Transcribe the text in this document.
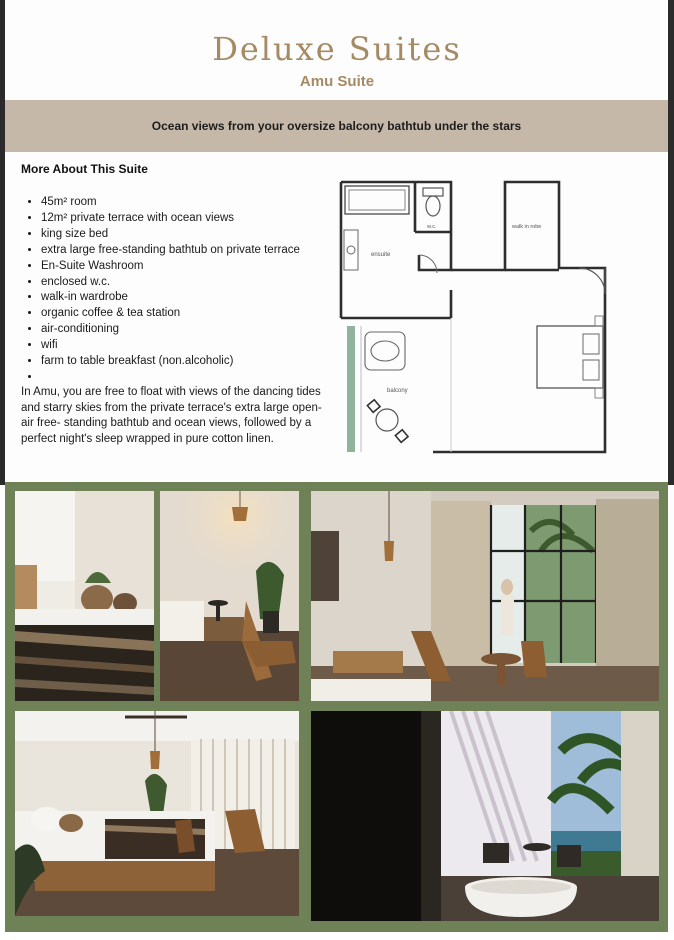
Deluxe Suites
Amu Suite
Ocean views from your oversize balcony bathtub under the stars
More About This Suite
• 45m² room
• 12m² private terrace with ocean views
• king size bed
• extra large free-standing bathtub on private terrace
• En-Suite Washroom
• enclosed w.c.
• walk-in wardrobe
• organic coffee & tea station
• air-conditioning
• wifi
• farm to table breakfast (non.alcoholic)
•
In Amu, you are free to float with views of the dancing tides and starry skies from the private terrace's extra large open-air free- standing bathtub and ocean views, followed by a perfect night's sleep wrapped in pure cotton linen.
w.c.
ensuite
walk in robe
balcony
